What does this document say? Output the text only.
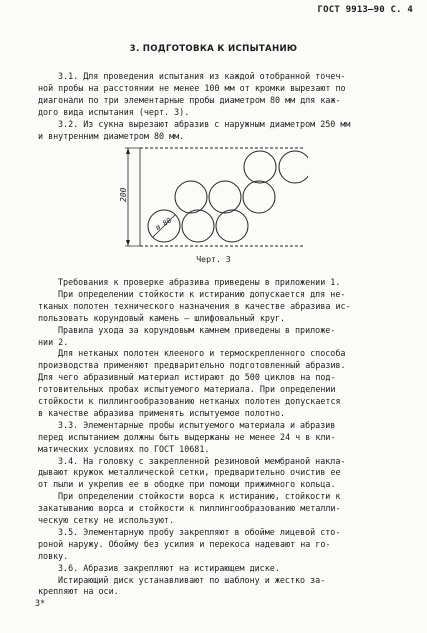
ГОСТ 9913—90 С. 4
3. ПОДГОТОВКА К ИСПЫТАНИЮ
3.1. Для проведения испытания из каждой отобранной точеч-
ной пробы на расстоянии не менее 100 мм от кромки вырезают по
диагонали по три элементарные пробы диаметром 80 мм для каж-
дого вида испытания (черт. 3).
3.2. Из сукна вырезают абразив с наружным диаметром 250 мм
и внутренним диаметром 80 мм.
200
ø 80
Черт. 3
Требования к проверке абразива приведены в приложении 1.
При определении стойкости к истиранию допускается для не-
тканых полотен технического назначения в качестве абразива ис-
пользовать корундовый камень — шлифовальный круг.
Правила ухода за корундовым камнем приведены в приложе-
нии 2.
Для нетканых полотен клееного и термоскрепленного способа
производства применяют предварительно подготовленный абразив.
Для чего абразивный материал истирают до 500 циклов на под-
готовительных пробах испытуемого материала. При определении
стойкости к пиллингообразованию нетканых полотен допускается
в качестве абразива применять испытуемое полотно.
3.3. Элементарные пробы испытуемого материала и абразив
перед испытанием должны быть выдержаны не менее 24 ч в кли-
матических условиях по ГОСТ 10681.
3.4. На головку с закрепленной резиновой мембраной накла-
дывают кружок металлической сетки, предварительно очистив ее
от пыли и укрепив ее в ободке при помощи прижимного кольца.
При определении стойкости ворса к истиранию, стойкости к
закатыванию ворса и стойкости к пиллингообразованию металли-
ческую сетку не используют.
3.5. Элементарную пробу закрепляют в обойме лицевой сто-
роной наружу. Обойму без усилия и перекоса надевают на го-
ловку.
3.6. Абразив закрепляют на истирающем диске.
Истирающий диск устанавливают по шаблону и жестко за-
крепляют на оси.
3*
